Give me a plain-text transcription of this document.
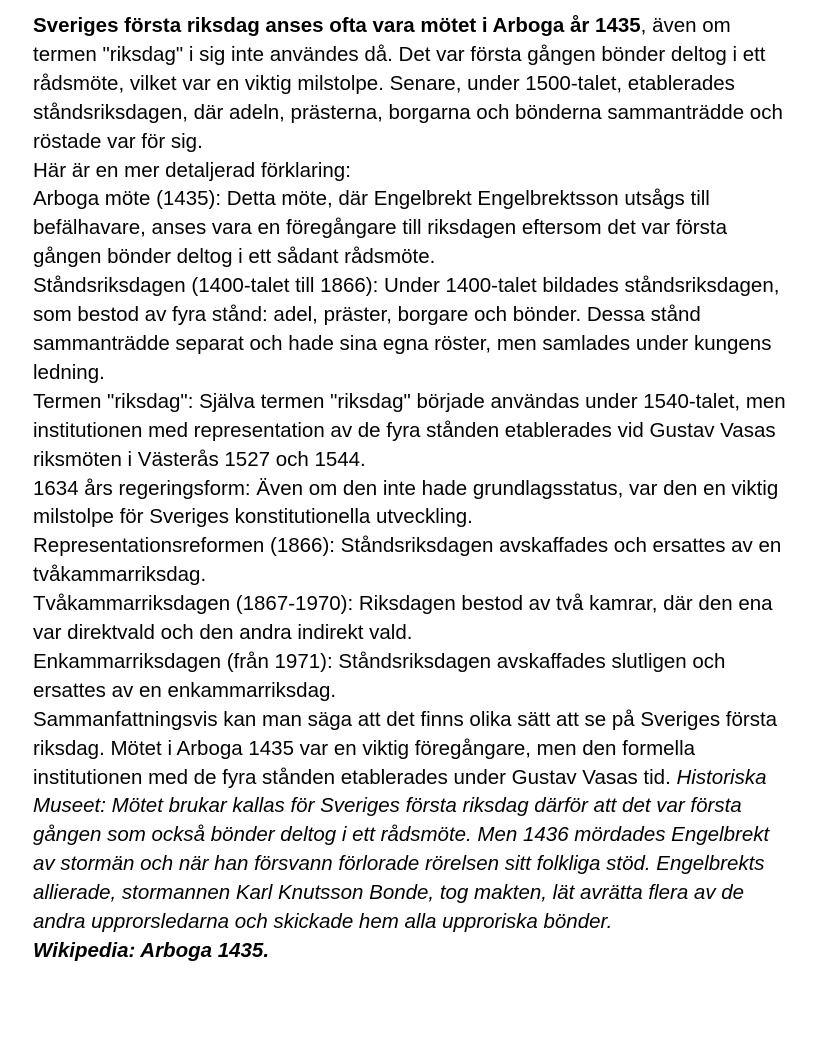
Sveriges första riksdag anses ofta vara mötet i Arboga år 1435, även om termen "riksdag" i sig inte användes då. Det var första gången bönder deltog i ett rådsmöte, vilket var en viktig milstolpe. Senare, under 1500-talet, etablerades ståndsriksdagen, där adeln, prästerna, borgarna och bönderna sammanträdde och röstade var för sig.

Här är en mer detaljerad förklaring:

Arboga möte (1435): Detta möte, där Engelbrekt Engelbrektsson utsågs till befälhavare, anses vara en föregångare till riksdagen eftersom det var första gången bönder deltog i ett sådant rådsmöte.

Ståndsriksdagen (1400-talet till 1866): Under 1400-talet bildades ståndsriksdagen, som bestod av fyra stånd: adel, präster, borgare och bönder. Dessa stånd sammanträdde separat och hade sina egna röster, men samlades under kungens ledning.

Termen "riksdag": Själva termen "riksdag" började användas under 1540-talet, men institutionen med representation av de fyra stånden etablerades vid Gustav Vasas riksmöten i Västerås 1527 och 1544.

1634 års regeringsform: Även om den inte hade grundlagsstatus, var den en viktig milstolpe för Sveriges konstitutionella utveckling.

Representationsreformen (1866): Ståndsriksdagen avskaffades och ersattes av en tvåkammarriksdag.

Tvåkammarriksdagen (1867-1970): Riksdagen bestod av två kamrar, där den ena var direktvald och den andra indirekt vald.

Enkammarriksdagen (från 1971): Ståndsriksdagen avskaffades slutligen och ersattes av en enkammarriksdag.

Sammanfattningsvis kan man säga att det finns olika sätt att se på Sveriges första riksdag. Mötet i Arboga 1435 var en viktig föregångare, men den formella institutionen med de fyra stånden etablerades under Gustav Vasas tid. Historiska Museet: Mötet brukar kallas för Sveriges första riksdag därför att det var första gången som också bönder deltog i ett rådsmöte. Men 1436 mördades Engelbrekt av stormän och när han försvann förlorade rörelsen sitt folkliga stöd. Engelbrekts allierade, stormannen Karl Knutsson Bonde, tog makten, lät avrätta flera av de andra upprorsledarna och skickade hem alla upproriska bönder.
Wikipedia: Arboga 1435.
